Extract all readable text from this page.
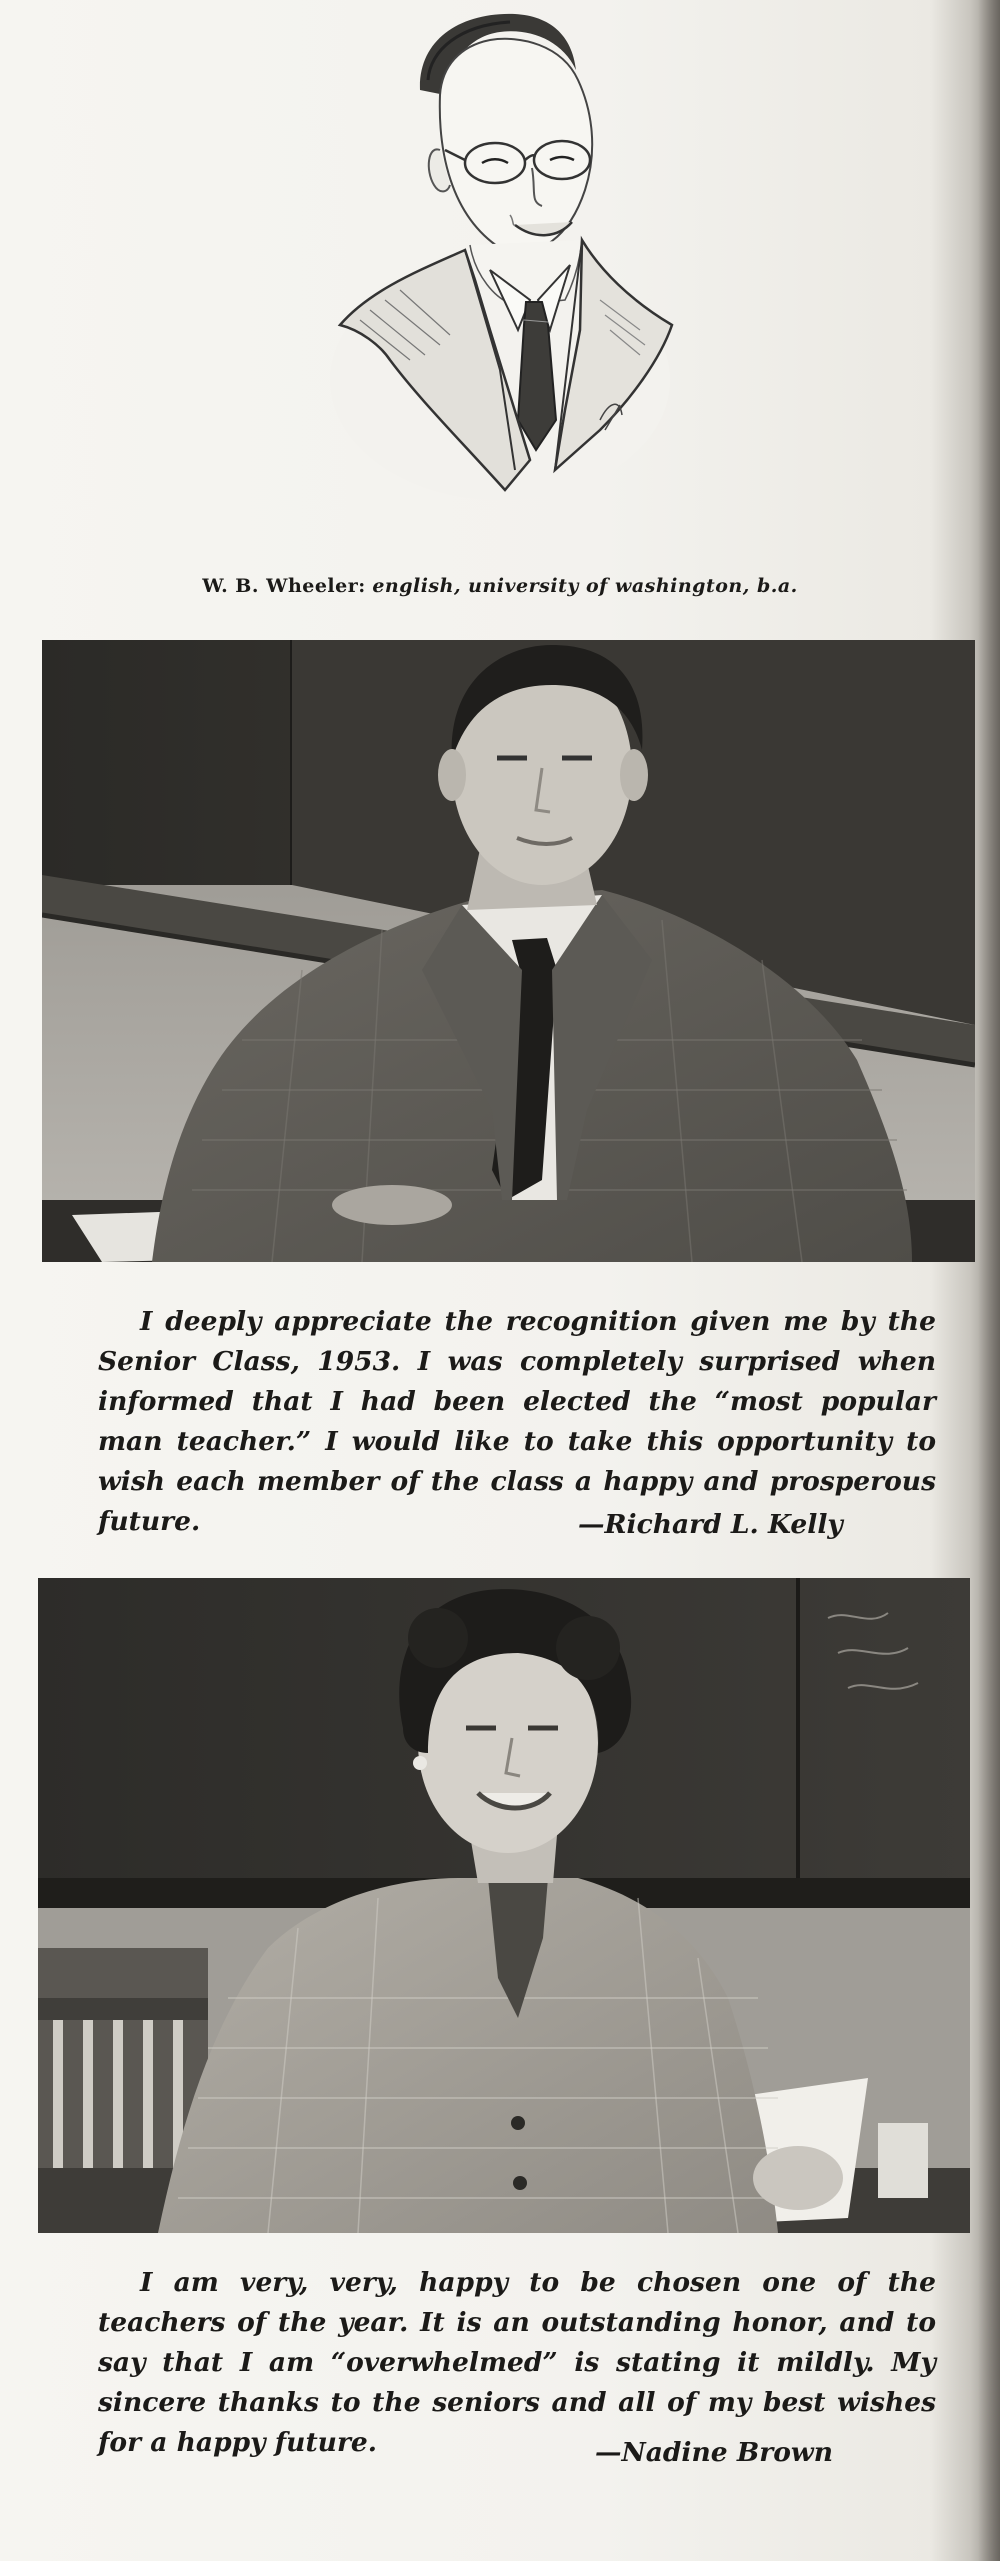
W. B. Wheeler: english, university of washington, b.a.

I deeply appreciate the recognition given me by the Senior Class, 1953. I was completely surprised when informed that I had been elected the “most popular man teacher.” I would like to take this opportunity to wish each member of the class a happy and prosperous future.	—Richard L. Kelly

I am very, very, happy to be chosen one of the teachers of the year. It is an outstanding honor, and to say that I am “overwhelmed” is stating it mildly. My sincere thanks to the seniors and all of my best wishes for a happy future.	—Nadine Brown
